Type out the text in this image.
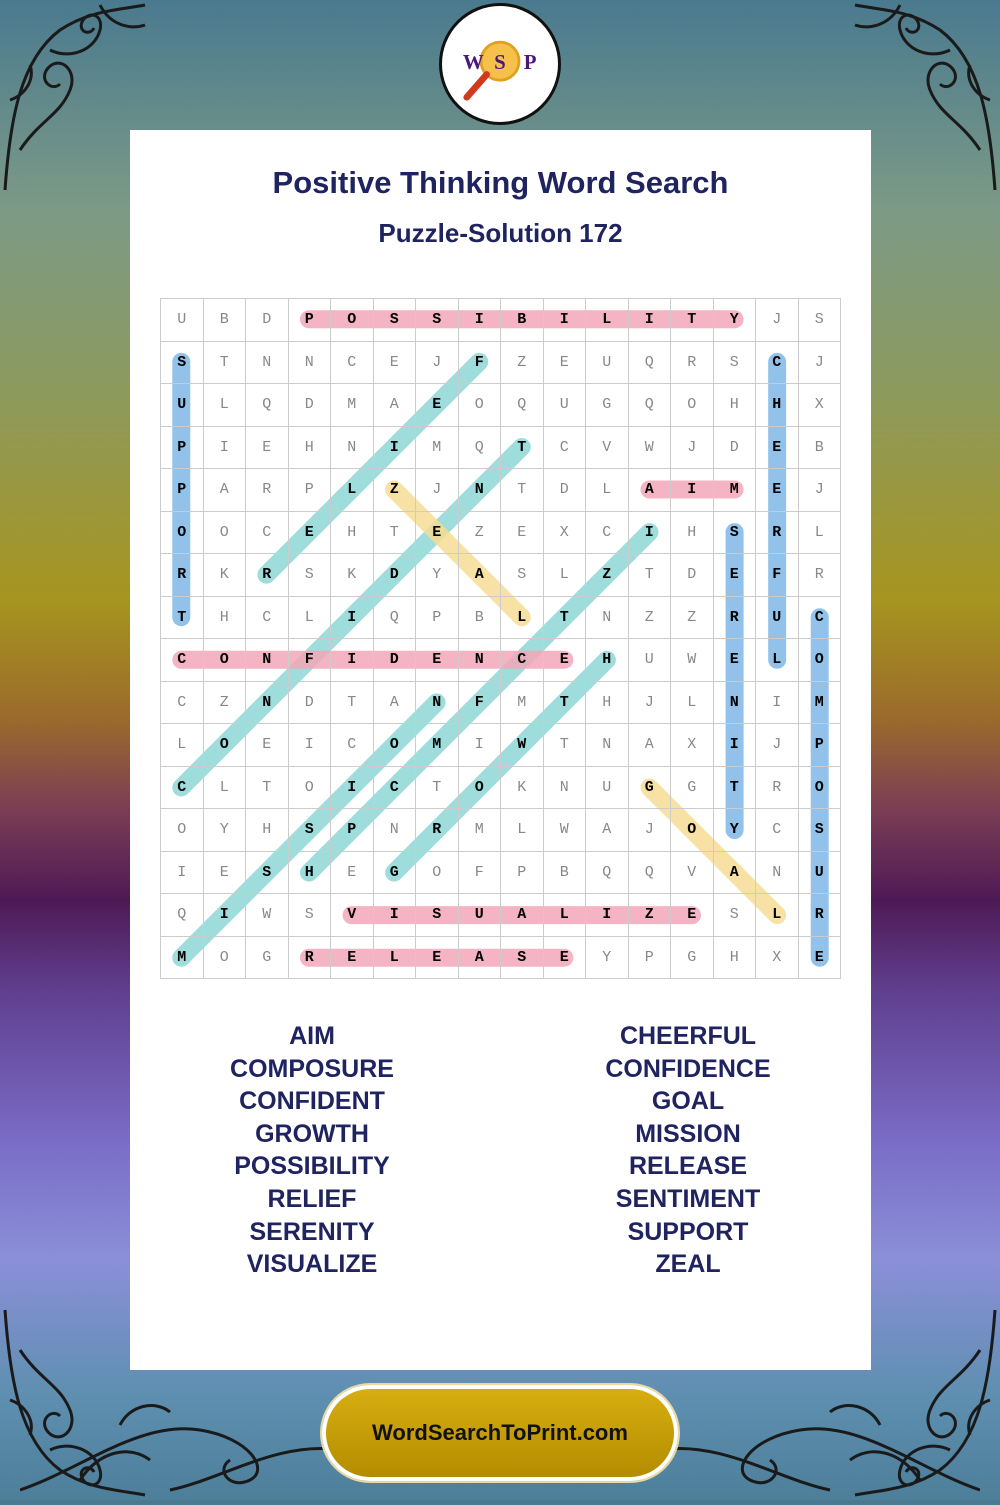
W S P
Positive Thinking Word Search
Puzzle-Solution 172
U	B	D	P	O	S	S	I	B	I	L	I	T	Y	J	S
S	T	N	N	C	E	J	F	Z	E	U	Q	R	S	C	J
U	L	Q	D	M	A	E	O	Q	U	G	Q	O	H	H	X
P	I	E	H	N	I	M	Q	T	C	V	W	J	D	E	B
P	A	R	P	L	Z	J	N	T	D	L	A	I	M	E	J
O	O	C	E	H	T	E	Z	E	X	C	I	H	S	R	L
R	K	R	S	K	D	Y	A	S	L	Z	T	D	E	F	R
T	H	C	L	I	Q	P	B	L	T	N	Z	Z	R	U	C
C	O	N	F	I	D	E	N	C	E	H	U	W	E	L	O
C	Z	N	D	T	A	N	F	M	T	H	J	L	N	I	M
L	O	E	I	C	O	M	I	W	T	N	A	X	I	J	P
C	L	T	O	I	C	T	O	K	N	U	G	G	T	R	O
O	Y	H	S	P	N	R	M	L	W	A	J	O	Y	C	S
I	E	S	H	E	G	O	F	P	B	Q	Q	V	A	N	U
Q	I	W	S	V	I	S	U	A	L	I	Z	E	S	L	R
M	O	G	R	E	L	E	A	S	E	Y	P	G	H	X	E
AIM
COMPOSURE
CONFIDENT
GROWTH
POSSIBILITY
RELIEF
SERENITY
VISUALIZE
CHEERFUL
CONFIDENCE
GOAL
MISSION
RELEASE
SENTIMENT
SUPPORT
ZEAL
WordSearchToPrint.com
